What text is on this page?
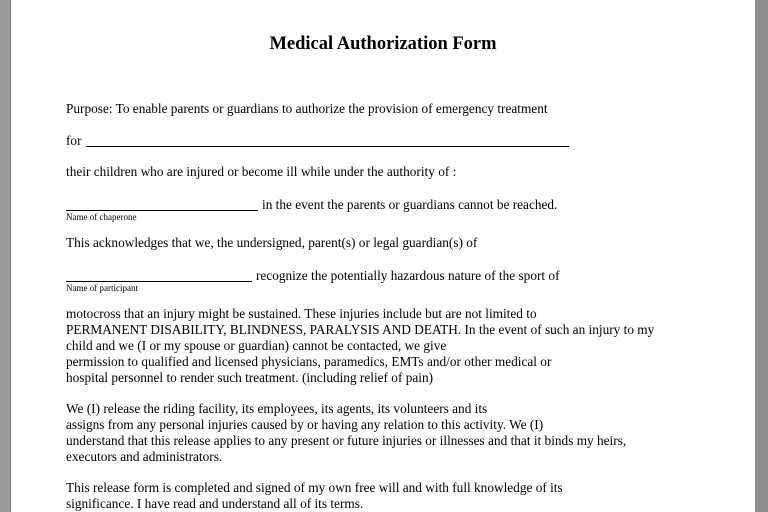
Medical Authorization Form
Purpose: To enable parents or guardians to authorize the provision of emergency treatment
for
their children who are injured or become ill while under the authority of :
in the event the parents or guardians cannot be reached.
Name of chaperone
This acknowledges that we, the undersigned, parent(s) or legal guardian(s) of
recognize the potentially hazardous nature of the sport of
Name of participant
motocross that an injury might be sustained. These injuries include but are not limited to
PERMANENT DISABILITY, BLINDNESS, PARALYSIS AND DEATH. In the event of such an injury to my
child and we (I or my spouse or guardian) cannot be contacted, we give
permission to qualified and licensed physicians, paramedics, EMTs and/or other medical or
hospital personnel to render such treatment. (including relief of pain)
We (I) release the riding facility, its employees, its agents, its volunteers and its
assigns from any personal injuries caused by or having any relation to this activity. We (I)
understand that this release applies to any present or future injuries or illnesses and that it binds my heirs,
executors and administrators.
This release form is completed and signed of my own free will and with full knowledge of its
significance. I have read and understand all of its terms.
